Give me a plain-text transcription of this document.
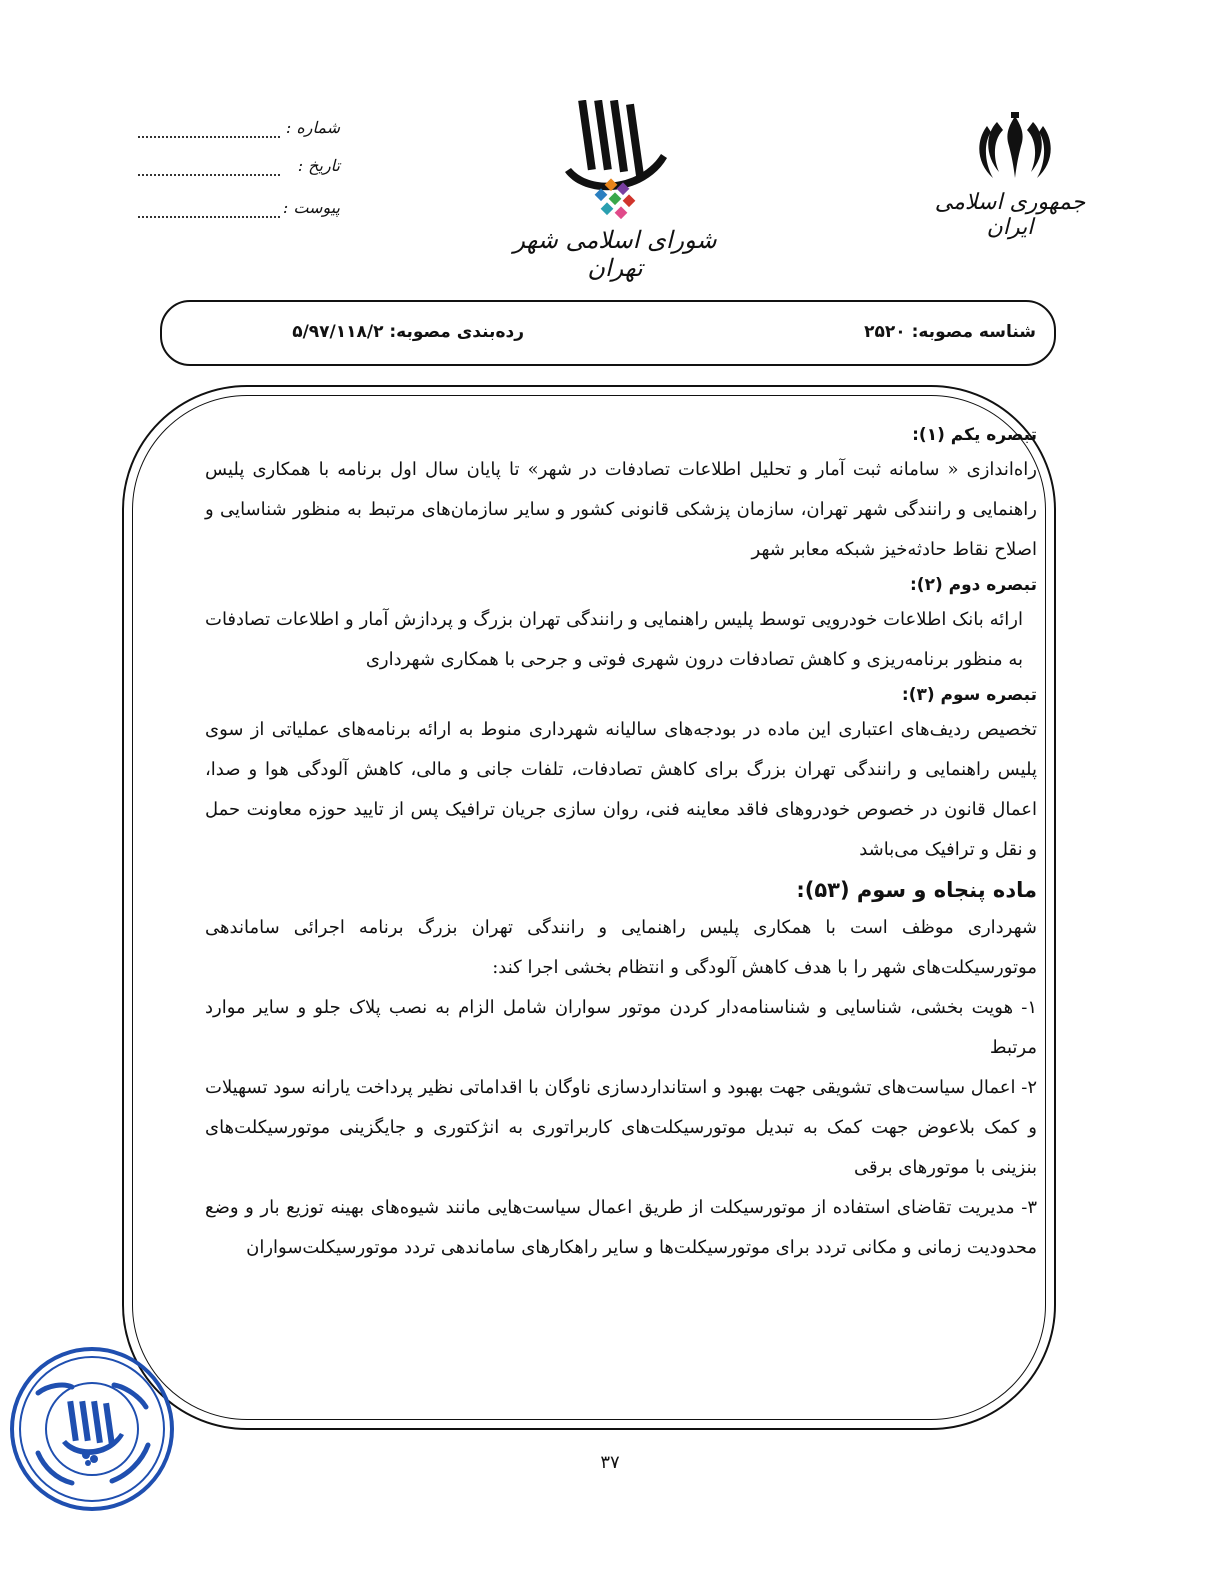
جمهوری اسلامی ایران
شورای اسلامی شهر تهران
شماره :
تاریخ :
پیوست :
شناسه مصوبه: ۲۵۲۰
رده‌بندی مصوبه: ۵/۹۷/۱۱۸/۲
تبصره یکم (۱):
راه‌اندازی « سامانه ثبت آمار و تحلیل اطلاعات تصادفات در شهر» تا پایان سال اول برنامه با همکاری پلیس راهنمایی و رانندگی شهر تهران، سازمان پزشکی قانونی کشور و سایر سازمان‌های مرتبط به منظور شناسایی و اصلاح نقاط حادثه‌خیز شبکه معابر شهر
تبصره دوم (۲):
ارائه بانک اطلاعات خودرویی توسط پلیس راهنمایی و رانندگی تهران بزرگ و پردازش آمار و اطلاعات تصادفات به منظور برنامه‌ریزی و کاهش تصادفات درون شهری فوتی و جرحی با همکاری شهرداری
تبصره سوم (۳):
تخصیص ردیف‌های اعتباری این ماده در بودجه‌های سالیانه شهرداری منوط به ارائه برنامه‌های عملیاتی از سوی پلیس راهنمایی و رانندگی تهران بزرگ برای کاهش تصادفات، تلفات جانی و مالی، کاهش آلودگی هوا و صدا، اعمال قانون در خصوص خودروهای فاقد معاینه فنی، روان سازی جریان ترافیک پس از تایید حوزه معاونت حمل و نقل و ترافیک می‌باشد
ماده پنجاه و سوم (۵۳):
شهرداری موظف است با همکاری پلیس راهنمایی و رانندگی تهران بزرگ برنامه اجرائی ساماندهی موتورسیکلت‌های شهر را با هدف کاهش آلودگی و انتظام بخشی اجرا کند:
۱- هویت بخشی، شناسایی و شناسنامه‌دار کردن موتور سواران شامل الزام به نصب پلاک جلو و سایر موارد مرتبط
۲- اعمال سیاست‌های تشویقی جهت بهبود و استانداردسازی ناوگان با اقداماتی نظیر پرداخت یارانه سود تسهیلات و کمک بلاعوض جهت کمک به تبدیل موتورسیکلت‌های کاربراتوری به انژکتوری و جایگزینی موتورسیکلت‌های بنزینی با موتورهای برقی
۳- مدیریت تقاضای استفاده از موتورسیکلت از طریق اعمال سیاست‌هایی مانند شیوه‌های بهینه توزیع بار و وضع محدودیت زمانی و مکانی تردد برای موتورسیکلت‌ها و سایر راهکارهای ساماندهی تردد موتورسیکلت‌سواران
۳۷
